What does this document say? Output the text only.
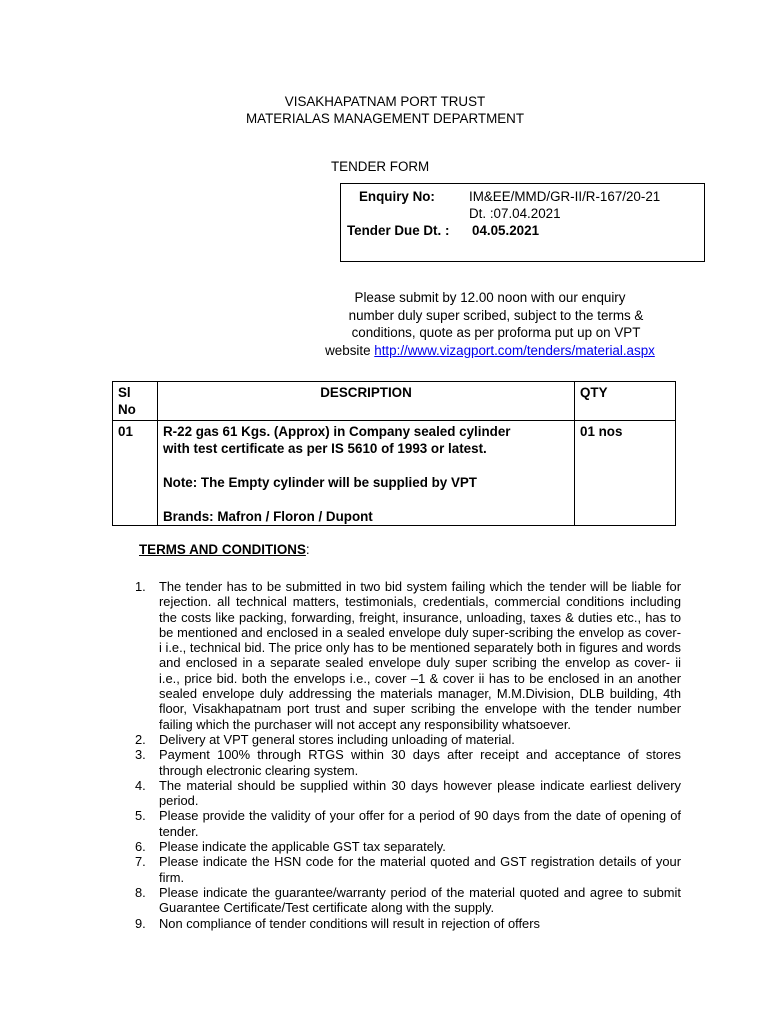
VISAKHAPATNAM PORT TRUST
MATERIALAS MANAGEMENT DEPARTMENT
TENDER FORM
Enquiry No:	IM&EE/MMD/GR-II/R-167/20-21
Dt. :07.04.2021
Tender Due Dt. : 04.05.2021
Please submit by 12.00 noon with our enquiry
number duly super scribed, subject to the terms &
conditions, quote as per proforma put up on VPT
website http://www.vizagport.com/tenders/material.aspx
Sl
No	DESCRIPTION	QTY
01	R-22 gas 61 Kgs. (Approx) in Company sealed cylinder
with test certificate as per IS 5610 of 1993 or latest.
Note: The Empty cylinder will be supplied by VPT
Brands: Mafron / Floron / Dupont	01 nos
TERMS AND CONDITIONS:
1. The tender has to be submitted in two bid system failing which the tender will be liable for rejection. all technical matters, testimonials, credentials, commercial conditions including the costs like packing, forwarding, freight, insurance, unloading, taxes & duties etc., has to be mentioned and enclosed in a sealed envelope duly super-scribing the envelop as cover- i i.e., technical bid. The price only has to be mentioned separately both in figures and words and enclosed in a separate sealed envelope duly super scribing the envelop as cover- ii i.e., price bid. both the envelops i.e., cover –1 & cover ii has to be enclosed in an another sealed envelope duly addressing the materials manager, M.M.Division, DLB building, 4th floor, Visakhapatnam port trust and super scribing the envelope with the tender number failing which the purchaser will not accept any responsibility whatsoever.
2. Delivery at VPT general stores including unloading of material.
3. Payment 100% through RTGS within 30 days after receipt and acceptance of stores through electronic clearing system.
4. The material should be supplied within 30 days however please indicate earliest delivery period.
5. Please provide the validity of your offer for a period of 90 days from the date of opening of tender.
6. Please indicate the applicable GST tax separately.
7. Please indicate the HSN code for the material quoted and GST registration details of your firm.
8. Please indicate the guarantee/warranty period of the material quoted and agree to submit Guarantee Certificate/Test certificate along with the supply.
9. Non compliance of tender conditions will result in rejection of offers
